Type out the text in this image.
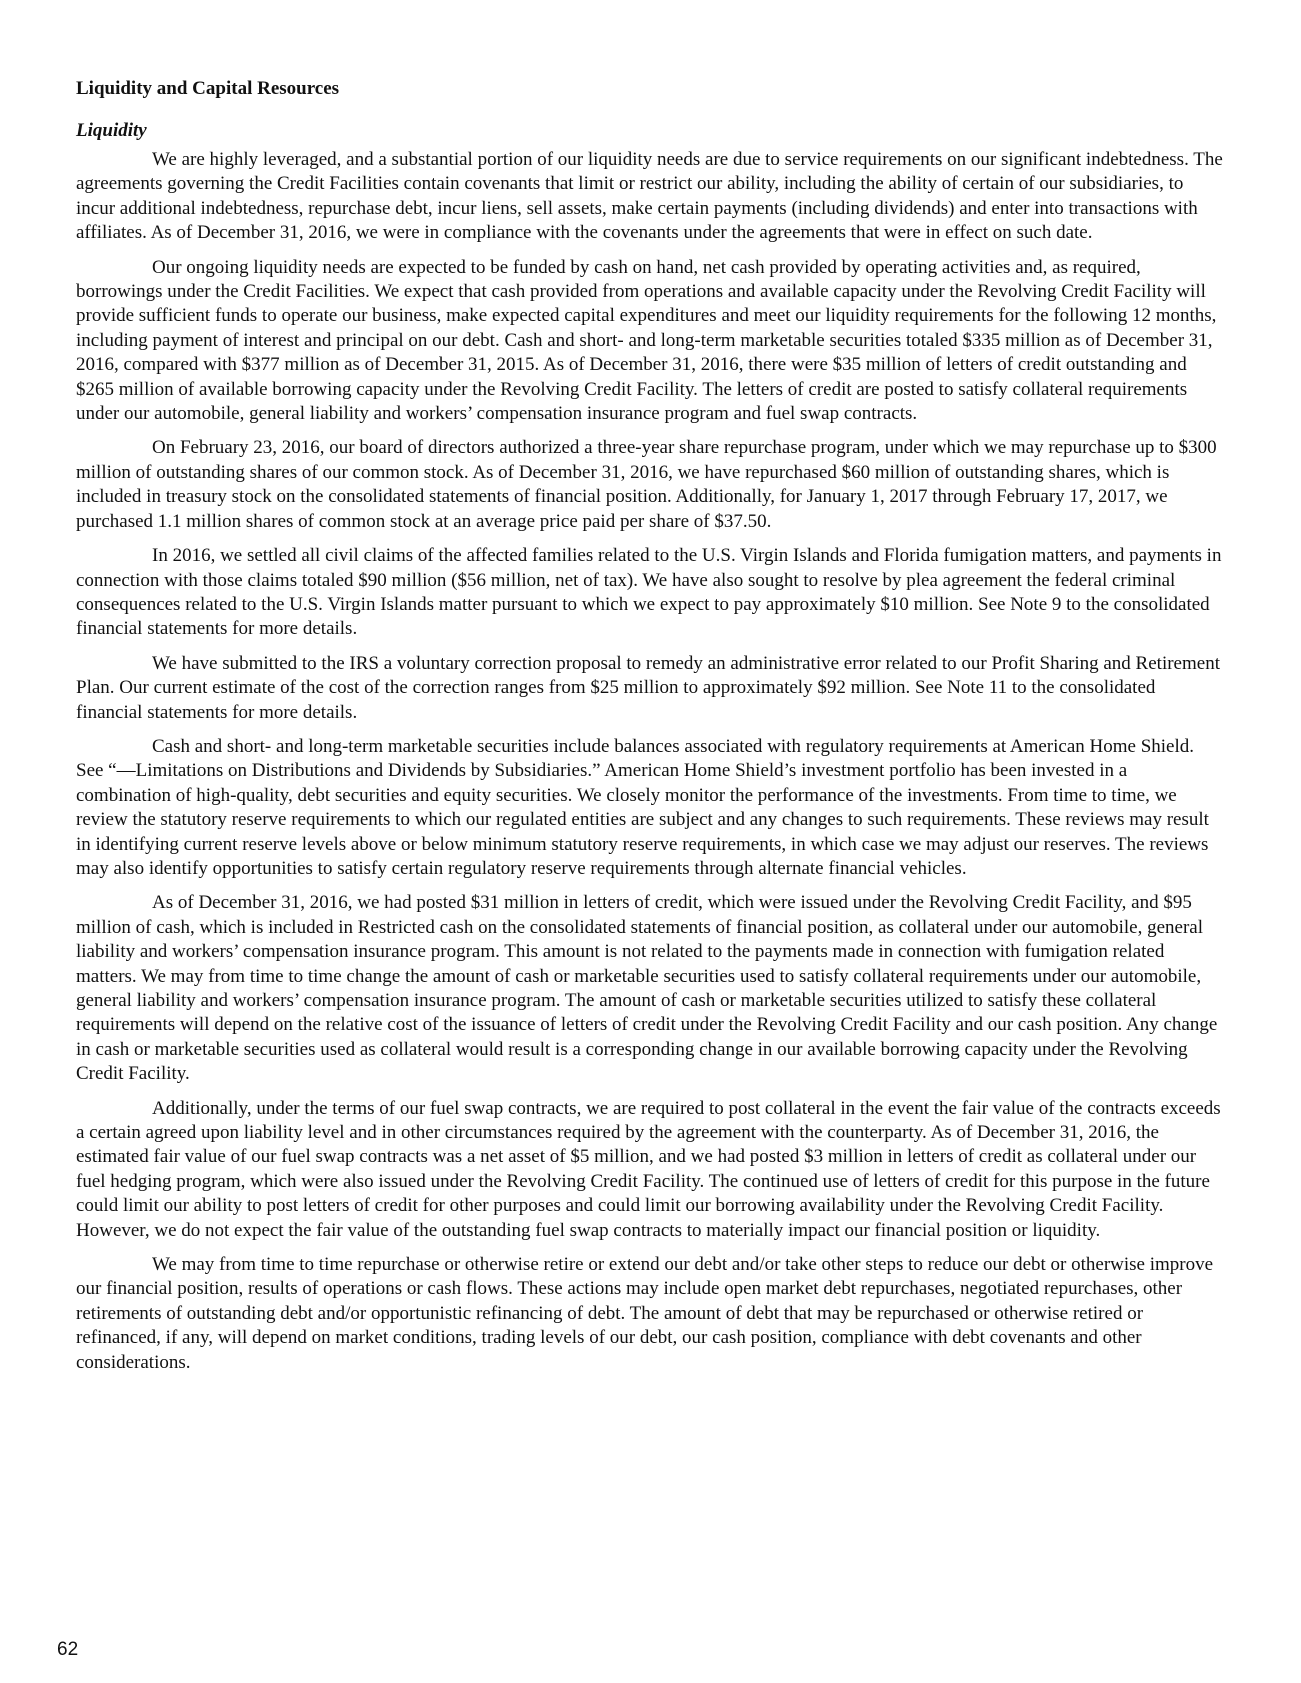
Liquidity and Capital Resources
Liquidity

We are highly leveraged, and a substantial portion of our liquidity needs are due to service requirements on our significant indebtedness. The agreements governing the Credit Facilities contain covenants that limit or restrict our ability, including the ability of certain of our subsidiaries, to incur additional indebtedness, repurchase debt, incur liens, sell assets, make certain payments (including dividends) and enter into transactions with affiliates. As of December 31, 2016, we were in compliance with the covenants under the agreements that were in effect on such date.

Our ongoing liquidity needs are expected to be funded by cash on hand, net cash provided by operating activities and, as required, borrowings under the Credit Facilities. We expect that cash provided from operations and available capacity under the Revolving Credit Facility will provide sufficient funds to operate our business, make expected capital expenditures and meet our liquidity requirements for the following 12 months, including payment of interest and principal on our debt. Cash and short- and long-term marketable securities totaled $335 million as of December 31, 2016, compared with $377 million as of December 31, 2015. As of December 31, 2016, there were $35 million of letters of credit outstanding and $265 million of available borrowing capacity under the Revolving Credit Facility. The letters of credit are posted to satisfy collateral requirements under our automobile, general liability and workers’ compensation insurance program and fuel swap contracts.

On February 23, 2016, our board of directors authorized a three-year share repurchase program, under which we may repurchase up to $300 million of outstanding shares of our common stock. As of December 31, 2016, we have repurchased $60 million of outstanding shares, which is included in treasury stock on the consolidated statements of financial position. Additionally, for January 1, 2017 through February 17, 2017, we purchased 1.1 million shares of common stock at an average price paid per share of $37.50.

In 2016, we settled all civil claims of the affected families related to the U.S. Virgin Islands and Florida fumigation matters, and payments in connection with those claims totaled $90 million ($56 million, net of tax). We have also sought to resolve by plea agreement the federal criminal consequences related to the U.S. Virgin Islands matter pursuant to which we expect to pay approximately $10 million. See Note 9 to the consolidated financial statements for more details.

We have submitted to the IRS a voluntary correction proposal to remedy an administrative error related to our Profit Sharing and Retirement Plan. Our current estimate of the cost of the correction ranges from $25 million to approximately $92 million. See Note 11 to the consolidated financial statements for more details.

Cash and short- and long-term marketable securities include balances associated with regulatory requirements at American Home Shield. See “—Limitations on Distributions and Dividends by Subsidiaries.” American Home Shield’s investment portfolio has been invested in a combination of high-quality, debt securities and equity securities. We closely monitor the performance of the investments. From time to time, we review the statutory reserve requirements to which our regulated entities are subject and any changes to such requirements. These reviews may result in identifying current reserve levels above or below minimum statutory reserve requirements, in which case we may adjust our reserves. The reviews may also identify opportunities to satisfy certain regulatory reserve requirements through alternate financial vehicles.

As of December 31, 2016, we had posted $31 million in letters of credit, which were issued under the Revolving Credit Facility, and $95 million of cash, which is included in Restricted cash on the consolidated statements of financial position, as collateral under our automobile, general liability and workers’ compensation insurance program. This amount is not related to the payments made in connection with fumigation related matters. We may from time to time change the amount of cash or marketable securities used to satisfy collateral requirements under our automobile, general liability and workers’ compensation insurance program. The amount of cash or marketable securities utilized to satisfy these collateral requirements will depend on the relative cost of the issuance of letters of credit under the Revolving Credit Facility and our cash position. Any change in cash or marketable securities used as collateral would result is a corresponding change in our available borrowing capacity under the Revolving Credit Facility.

Additionally, under the terms of our fuel swap contracts, we are required to post collateral in the event the fair value of the contracts exceeds a certain agreed upon liability level and in other circumstances required by the agreement with the counterparty. As of December 31, 2016, the estimated fair value of our fuel swap contracts was a net asset of $5 million, and we had posted $3 million in letters of credit as collateral under our fuel hedging program, which were also issued under the Revolving Credit Facility. The continued use of letters of credit for this purpose in the future could limit our ability to post letters of credit for other purposes and could limit our borrowing availability under the Revolving Credit Facility. However, we do not expect the fair value of the outstanding fuel swap contracts to materially impact our financial position or liquidity.

We may from time to time repurchase or otherwise retire or extend our debt and/or take other steps to reduce our debt or otherwise improve our financial position, results of operations or cash flows. These actions may include open market debt repurchases, negotiated repurchases, other retirements of outstanding debt and/or opportunistic refinancing of debt. The amount of debt that may be repurchased or otherwise retired or refinanced, if any, will depend on market conditions, trading levels of our debt, our cash position, compliance with debt covenants and other considerations.

62
